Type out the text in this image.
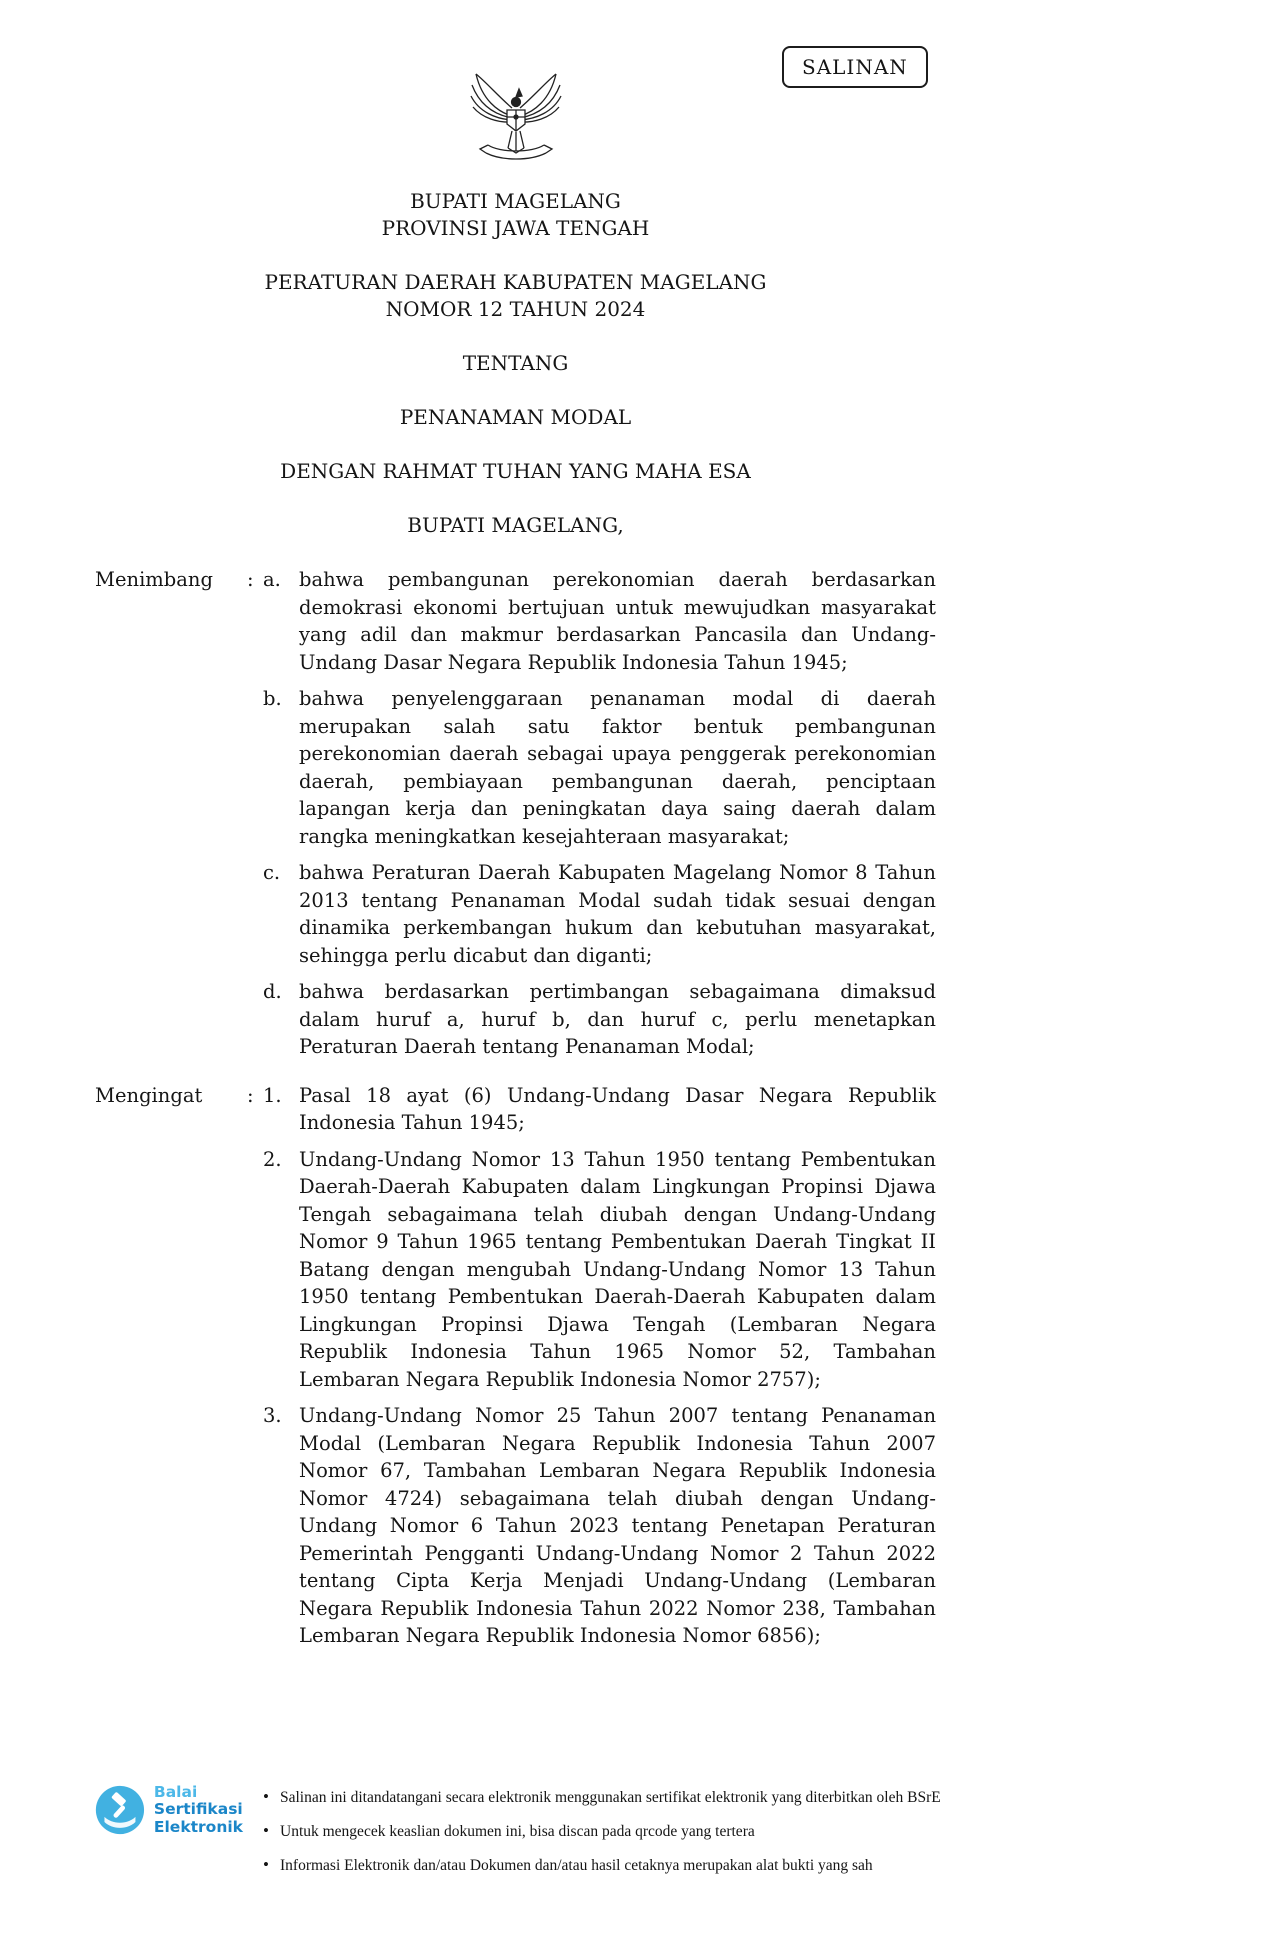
SALINAN
BUPATI MAGELANG
PROVINSI JAWA TENGAH
PERATURAN DAERAH KABUPATEN MAGELANG
NOMOR 12 TAHUN 2024
TENTANG
PENANAMAN MODAL
DENGAN RAHMAT TUHAN YANG MAHA ESA
BUPATI MAGELANG,
Menimbang	: a. bahwa pembangunan perekonomian daerah berdasarkan demokrasi ekonomi bertujuan untuk mewujudkan masyarakat yang adil dan makmur berdasarkan Pancasila dan Undang-Undang Dasar Negara Republik Indonesia Tahun 1945;
b. bahwa penyelenggaraan penanaman modal di daerah merupakan salah satu faktor bentuk pembangunan perekonomian daerah sebagai upaya penggerak perekonomian daerah, pembiayaan pembangunan daerah, penciptaan lapangan kerja dan peningkatan daya saing daerah dalam rangka meningkatkan kesejahteraan masyarakat;
c. bahwa Peraturan Daerah Kabupaten Magelang Nomor 8 Tahun 2013 tentang Penanaman Modal sudah tidak sesuai dengan dinamika perkembangan hukum dan kebutuhan masyarakat, sehingga perlu dicabut dan diganti;
d. bahwa berdasarkan pertimbangan sebagaimana dimaksud dalam huruf a, huruf b, dan huruf c, perlu menetapkan Peraturan Daerah tentang Penanaman Modal;
Mengingat	: 1. Pasal 18 ayat (6) Undang-Undang Dasar Negara Republik Indonesia Tahun 1945;
2. Undang-Undang Nomor 13 Tahun 1950 tentang Pembentukan Daerah-Daerah Kabupaten dalam Lingkungan Propinsi Djawa Tengah sebagaimana telah diubah dengan Undang-Undang Nomor 9 Tahun 1965 tentang Pembentukan Daerah Tingkat II Batang dengan mengubah Undang-Undang Nomor 13 Tahun 1950 tentang Pembentukan Daerah-Daerah Kabupaten dalam Lingkungan Propinsi Djawa Tengah (Lembaran Negara Republik Indonesia Tahun 1965 Nomor 52, Tambahan Lembaran Negara Republik Indonesia Nomor 2757);
3. Undang-Undang Nomor 25 Tahun 2007 tentang Penanaman Modal (Lembaran Negara Republik Indonesia Tahun 2007 Nomor 67, Tambahan Lembaran Negara Republik Indonesia Nomor 4724) sebagaimana telah diubah dengan Undang-Undang Nomor 6 Tahun 2023 tentang Penetapan Peraturan Pemerintah Pengganti Undang-Undang Nomor 2 Tahun 2022 tentang Cipta Kerja Menjadi Undang-Undang (Lembaran Negara Republik Indonesia Tahun 2022 Nomor 238, Tambahan Lembaran Negara Republik Indonesia Nomor 6856);
Balai
Sertifikasi
Elektronik
• Salinan ini ditandatangani secara elektronik menggunakan sertifikat elektronik yang diterbitkan oleh BSrE
• Untuk mengecek keaslian dokumen ini, bisa discan pada qrcode yang tertera
• Informasi Elektronik dan/atau Dokumen dan/atau hasil cetaknya merupakan alat bukti yang sah
